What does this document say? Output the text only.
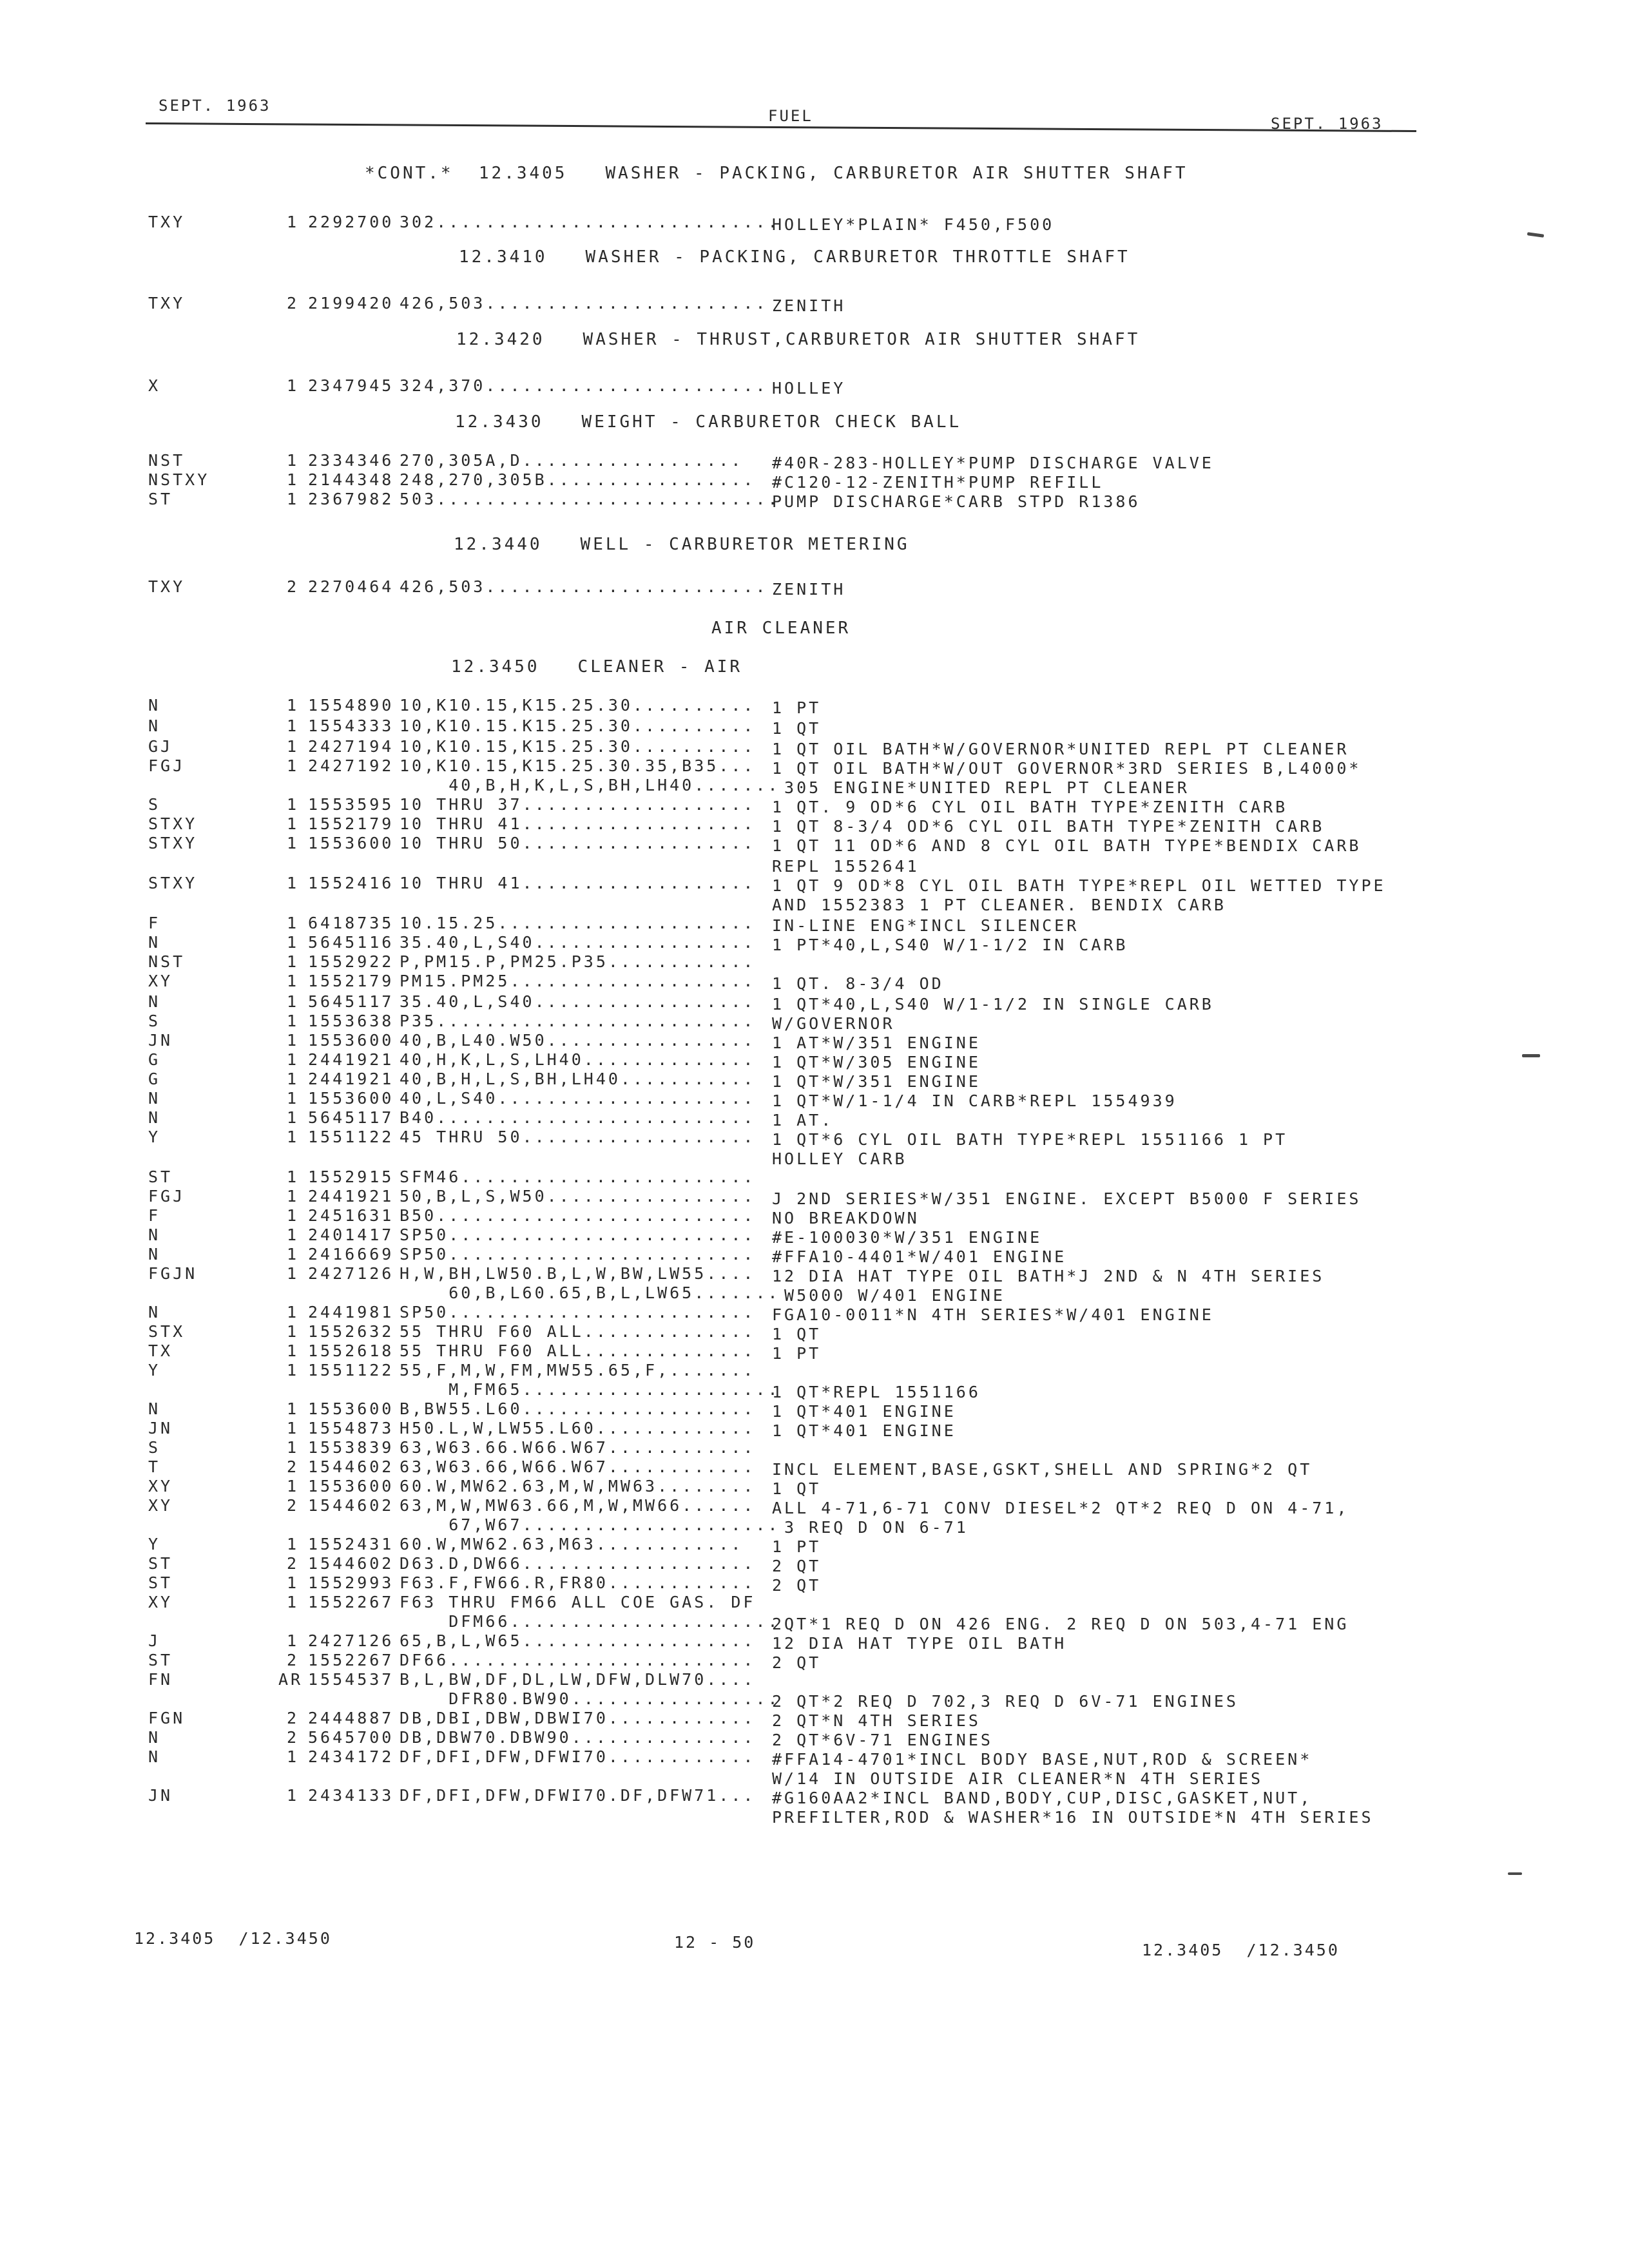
SEPT. 1963
FUEL	SEPT. 1963
*CONT.* 12.3405 WASHER - PACKING, CARBURETOR AIR SHUTTER SHAFT
12.3410 WASHER - PACKING, CARBURETOR THROTTLE SHAFT
12.3420 WASHER - THRUST,CARBURETOR AIR SHUTTER SHAFT
12.3430 WEIGHT - CARBURETOR CHECK BALL
12.3440 WELL - CARBURETOR METERING
AIR CLEANER
12.3450 CLEANER - AIR
TXY	1 2292700 302............................
HOLLEY*PLAIN* F450,F500
TXY	2 2199420 426,503....................... ZENITH
X	1 2347945 324,370....................... HOLLEY
NST	1 2334346 270,305A,D.................. #40R-283-HOLLEY*PUMP DISCHARGE VALVE
NSTXY	1 2144348 248,270,305B................. #C120-12-ZENITH*PUMP REFILL
ST	1 2367982 503............................
PUMP DISCHARGE*CARB STPD R1386
TXY	2 2270464 426,503....................... ZENITH
N	1 1554890 10,K10.15,K15.25.30.......... 1 PT
N	1 1554333 10,K10.15.K15.25.30.......... 1 QT
GJ	1 2427194 10,K10.15,K15.25.30.......... 1 QT OIL BATH*W/GOVERNOR*UNITED REPL PT CLEANER
FGJ	1 2427192 10,K10.15,K15.25.30.35,B35... 1 QT OIL BATH*W/OUT GOVERNOR*3RD SERIES B,L4000*
40,B,H,K,L,S,BH,LH40.......
305 ENGINE*UNITED REPL PT CLEANER
S	1 1553595 10 THRU 37................... 1 QT. 9 OD*6 CYL OIL BATH TYPE*ZENITH CARB
STXY	1 1552179 10 THRU 41................... 1 QT 8-3/4 OD*6 CYL OIL BATH TYPE*ZENITH CARB
STXY	1 1553600 10 THRU 50................... 1 QT 11 OD*6 AND 8 CYL OIL BATH TYPE*BENDIX CARB
REPL 1552641
STXY	1 1552416 10 THRU 41................... 1 QT 9 OD*8 CYL OIL BATH TYPE*REPL OIL WETTED TYPE
AND 1552383 1 PT CLEANER. BENDIX CARB
F	1 6418735 10.15.25..................... IN-LINE ENG*INCL SILENCER
N	1 5645116 35.40,L,S40.................. 1 PT*40,L,S40 W/1-1/2 IN CARB
NST	1 1552922 P,PM15.P,PM25.P35............
XY	1 1552179 PM15.PM25.................... 1 QT. 8-3/4 OD
N	1 5645117 35.40,L,S40.................. 1 QT*40,L,S40 W/1-1/2 IN SINGLE CARB
S	1 1553638 P35.......................... W/GOVERNOR
JN	1 1553600 40,B,L40.W50................. 1 AT*W/351 ENGINE
G	1 2441921 40,H,K,L,S,LH40.............. 1 QT*W/305 ENGINE
G	1 2441921 40,B,H,L,S,BH,LH40........... 1 QT*W/351 ENGINE
N	1 1553600 40,L,S40..................... 1 QT*W/1-1/4 IN CARB*REPL 1554939
N	1 5645117 B40.......................... 1 AT.
Y	1 1551122 45 THRU 50................... 1 QT*6 CYL OIL BATH TYPE*REPL 1551166 1 PT
HOLLEY CARB
ST	1 1552915 SFM46........................
FGJ	1 2441921 50,B,L,S,W50................. J 2ND SERIES*W/351 ENGINE. EXCEPT B5000 F SERIES
F	1 2451631 B50.......................... NO BREAKDOWN
N	1 2401417 SP50......................... #E-100030*W/351 ENGINE
N	1 2416669 SP50......................... #FFA10-4401*W/401 ENGINE
FGJN	1 2427126 H,W,BH,LW50.B,L,W,BW,LW55.... 12 DIA HAT TYPE OIL BATH*J 2ND & N 4TH SERIES
60,B,L60.65,B,L,LW65.......
W5000 W/401 ENGINE
N	1 2441981 SP50......................... FGA10-0011*N 4TH SERIES*W/401 ENGINE
STX	1 1552632 55 THRU F60 ALL.............. 1 QT
TX	1 1552618 55 THRU F60 ALL.............. 1 PT
Y	1 1551122 55,F,M,W,FM,MW55.65,F,.......
M,FM65.....................
1 QT*REPL 1551166
N	1 1553600 B,BW55.L60................... 1 QT*401 ENGINE
JN	1 1554873 H50.L,W,LW55.L60............. 1 QT*401 ENGINE
S	1 1553839 63,W63.66.W66.W67............
T	2 1544602 63,W63.66,W66.W67............ INCL ELEMENT,BASE,GSKT,SHELL AND SPRING*2 QT
XY	1 1553600 60.W,MW62.63,M,W,MW63........ 1 QT
XY	2 1544602 63,M,W,MW63.66,M,W,MW66...... ALL 4-71,6-71 CONV DIESEL*2 QT*2 REQ D ON 4-71,
67,W67.....................
3 REQ D ON 6-71
Y	1 1552431 60.W,MW62.63,M63............ 1 PT
ST	2 1544602 D63.D,DW66................... 2 QT
ST	1 1552993 F63.F,FW66.R,FR80............ 2 QT
XY	1 1552267 F63 THRU FM66 ALL COE GAS. DF
DFM66......................
2QT*1 REQ D ON 426 ENG. 2 REQ D ON 503,4-71 ENG
J	1 2427126 65,B,L,W65................... 12 DIA HAT TYPE OIL BATH
ST	2 1552267 DF66......................... 2 QT
FN	AR 1554537 B,L,BW,DF,DL,LW,DFW,DLW70....
DFR80.BW90.................
2 QT*2 REQ D 702,3 REQ D 6V-71 ENGINES
FGN	2 2444887 DB,DBI,DBW,DBWI70............ 2 QT*N 4TH SERIES
N	2 5645700 DB,DBW70.DBW90............... 2 QT*6V-71 ENGINES
N	1 2434172 DF,DFI,DFW,DFWI70............ #FFA14-4701*INCL BODY BASE,NUT,ROD & SCREEN*
W/14 IN OUTSIDE AIR CLEANER*N 4TH SERIES
JN	1 2434133 DF,DFI,DFW,DFWI70.DF,DFW71... #G160AA2*INCL BAND,BODY,CUP,DISC,GASKET,NUT,
PREFILTER,ROD & WASHER*16 IN OUTSIDE*N 4TH SERIES
12.3405  /12.3450	12 - 50	12.3405  /12.3450
